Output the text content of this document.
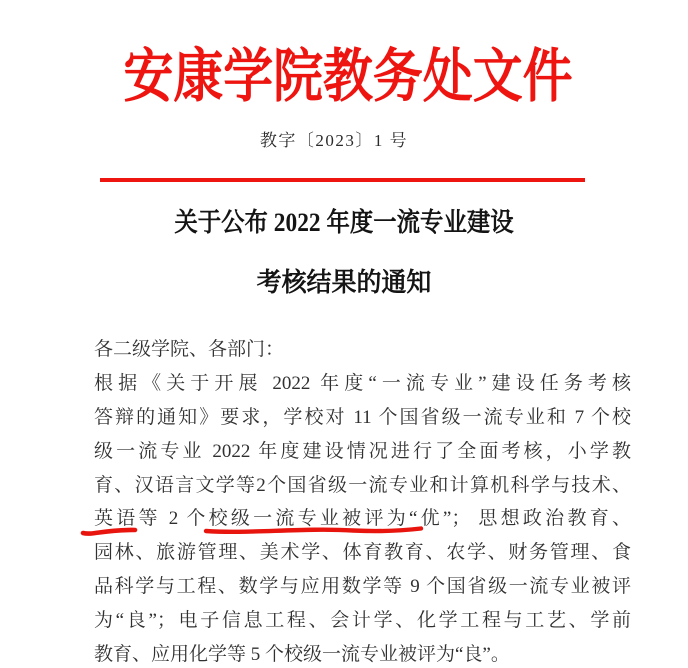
安康学院教务处文件
教字〔2023〕1 号
关于公布 2022 年度一流专业建设
考核结果的通知
各二级学院、各部门：
根据《关于开展 2022 年度“一流专业”建设任务考核
答辩的通知》要求，学校对 11 个国省级一流专业和 7 个校
级一流专业 2022 年度建设情况进行了全面考核，小学教
育、汉语言文学等2个国省级一流专业和计算机科学与技术、
英语
等 2 个校级一流专业被评为“优”
； 思想政治教育、
园林、旅游管理、美术学、体育教育、农学、财务管理、食
品科学与工程、数学与应用数学等 9 个国省级一流专业被评
为“良”；电子信息工程、会计学、化学工程与工艺、学前
教育、应用化学等 5 个校级一流专业被评为“良”。
